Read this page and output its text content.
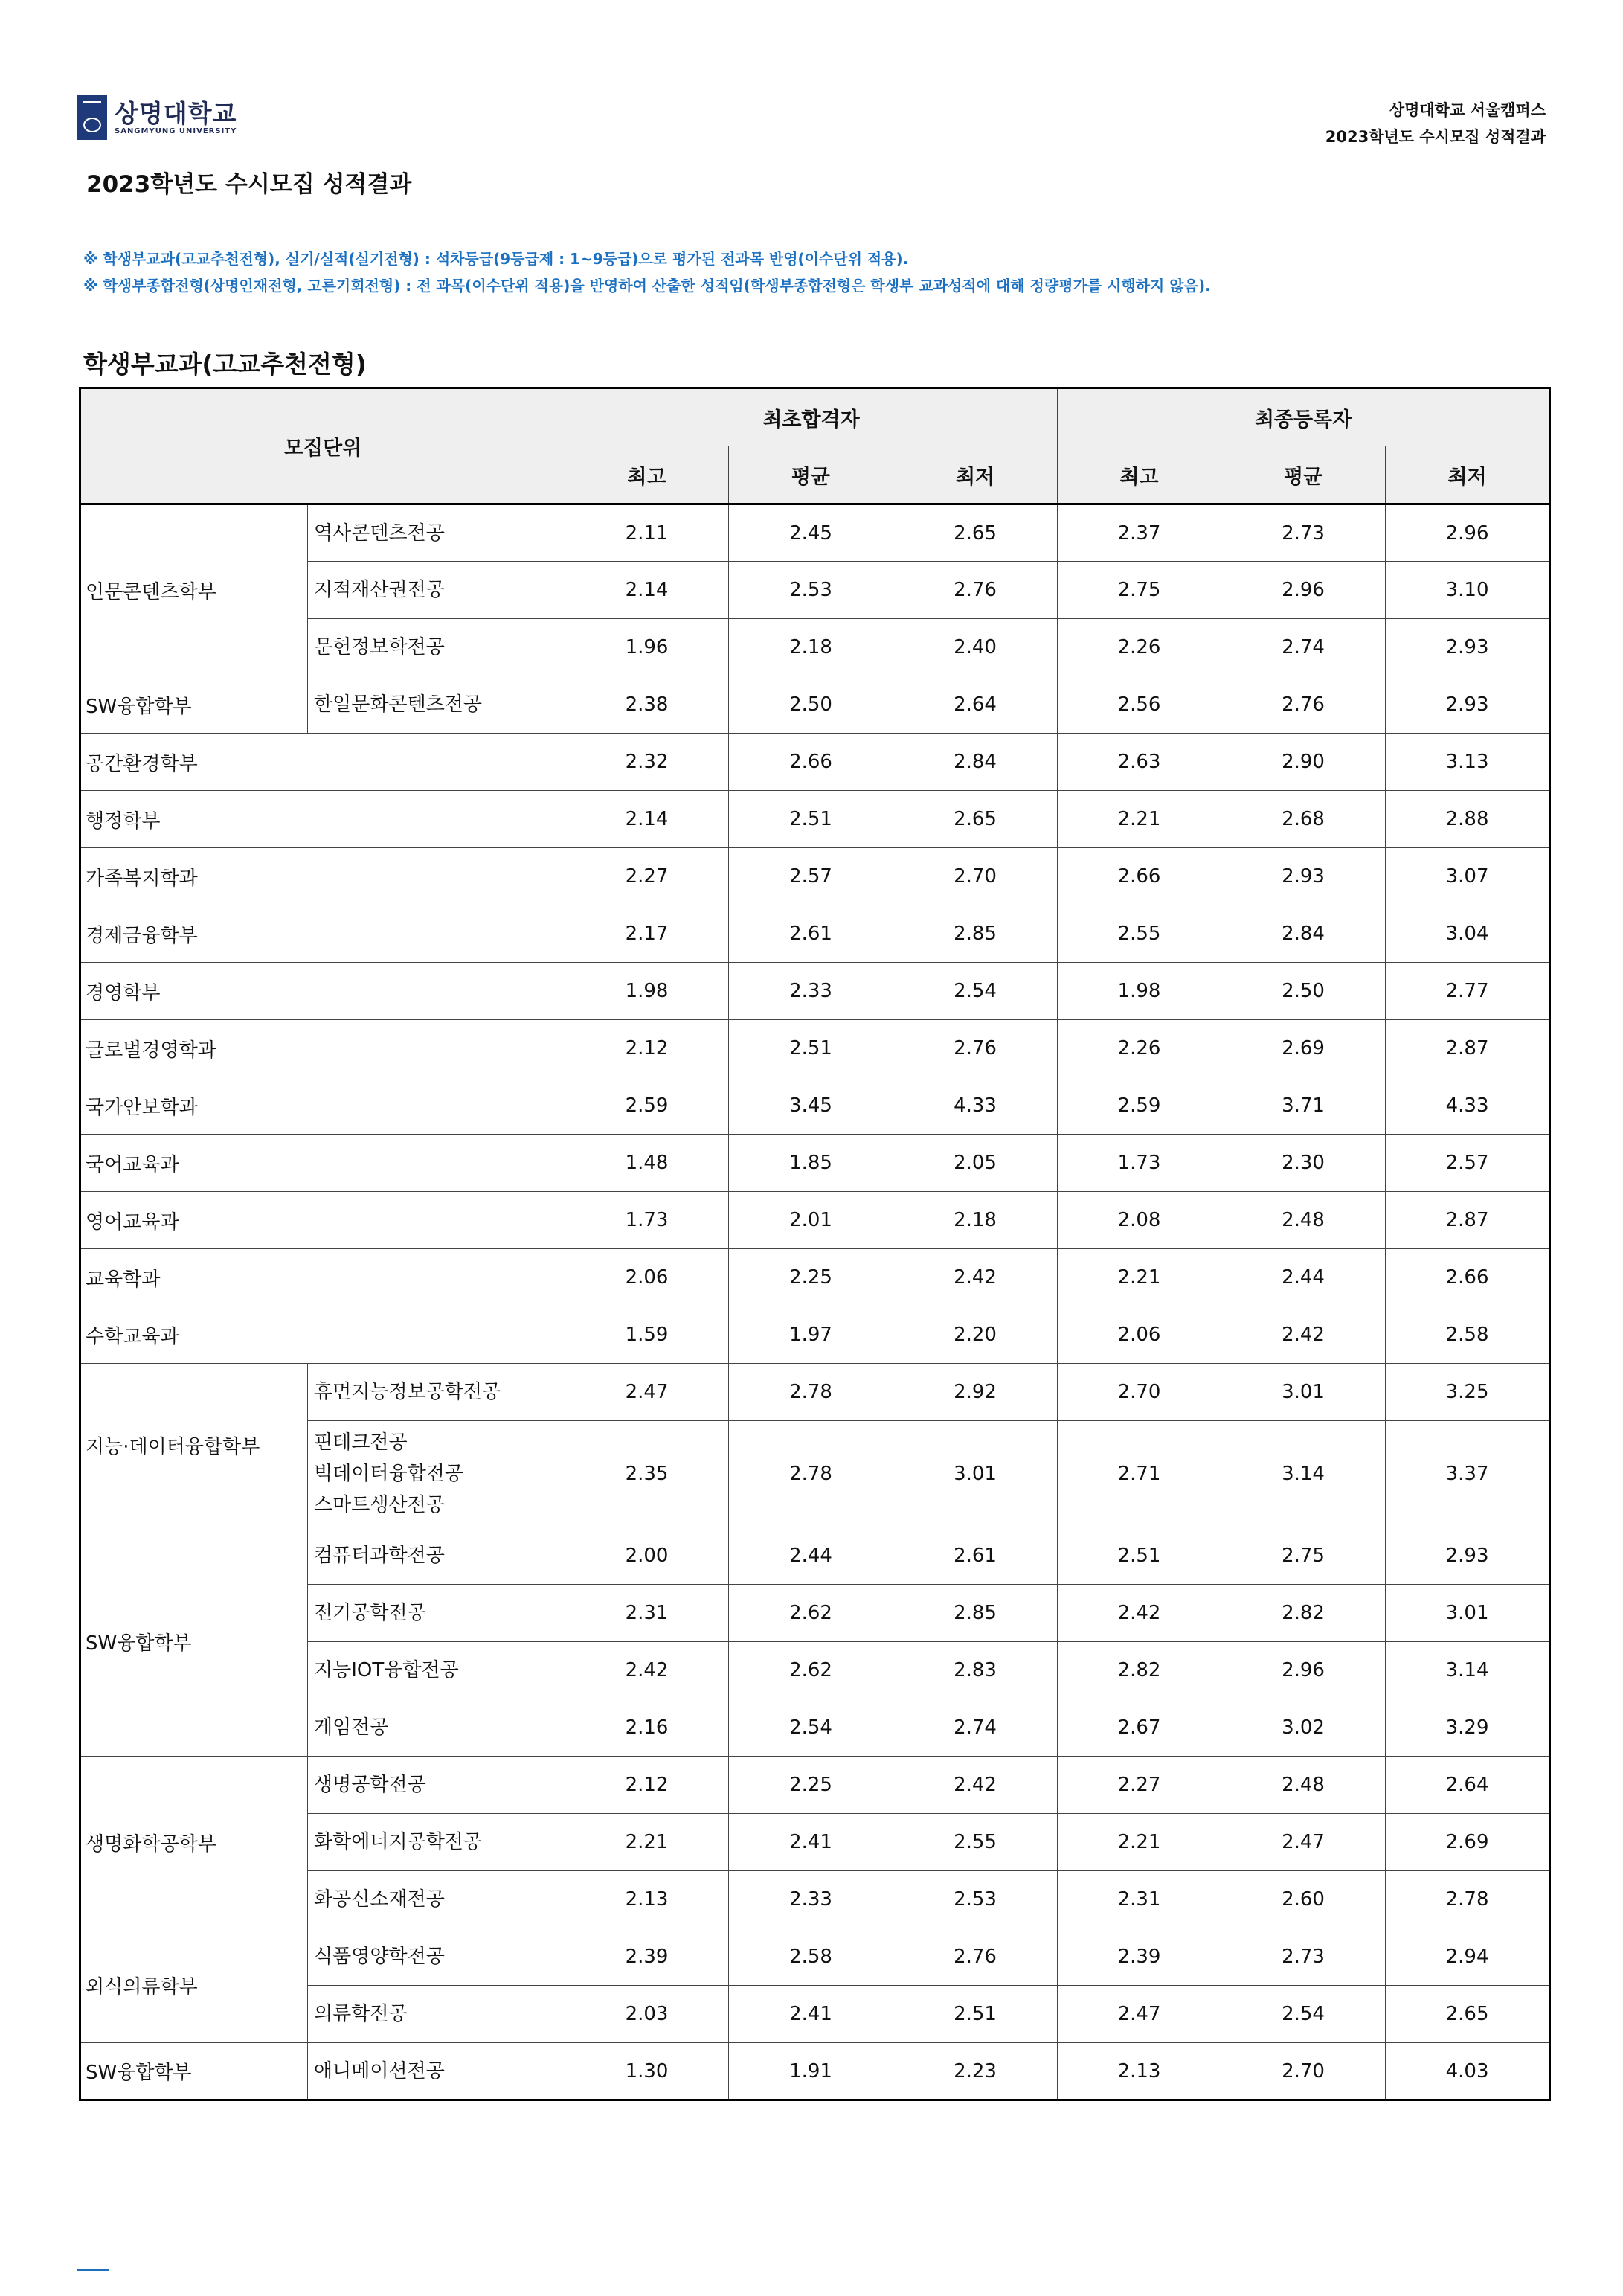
상명대학교
SANGMYUNG UNIVERSITY
상명대학교 서울캠퍼스
2023학년도 수시모집 성적결과
2023학년도 수시모집 성적결과
※ 학생부교과(고교추천전형), 실기/실적(실기전형) : 석차등급(9등급제 : 1~9등급)으로 평가된 전과목 반영(이수단위 적용).
※ 학생부종합전형(상명인재전형, 고른기회전형) : 전 과목(이수단위 적용)을 반영하여 산출한 성적임(학생부종합전형은 학생부 교과성적에 대해 정량평가를 시행하지 않음).
학생부교과(고교추천전형)
모집단위		최초합격자			최종등록자		
		최고	평균	최저	최고	평균	최저
인문콘텐츠학부	역사콘텐츠전공	2.11	2.45	2.65	2.37	2.73	2.96

	지적재산권전공	2.14	2.53	2.76	2.75	2.96	3.10

	문헌정보학전공	1.96	2.18	2.40	2.26	2.74	2.93
SW융합학부	한일문화콘텐츠전공	2.38	2.50	2.64	2.56	2.76	2.93
공간환경학부		2.32	2.66	2.84	2.63	2.90	3.13
행정학부		2.14	2.51	2.65	2.21	2.68	2.88
가족복지학과		2.27	2.57	2.70	2.66	2.93	3.07
경제금융학부		2.17	2.61	2.85	2.55	2.84	3.04
경영학부		1.98	2.33	2.54	1.98	2.50	2.77
글로벌경영학과		2.12	2.51	2.76	2.26	2.69	2.87
국가안보학과		2.59	3.45	4.33	2.59	3.71	4.33
국어교육과		1.48	1.85	2.05	1.73	2.30	2.57
영어교육과		1.73	2.01	2.18	2.08	2.48	2.87
교육학과		2.06	2.25	2.42	2.21	2.44	2.66
수학교육과		1.59	1.97	2.20	2.06	2.42	2.58
지능·데이터융합학부	휴먼지능정보공학전공	2.47	2.78	2.92	2.70	3.01	3.25

	핀테크전공
빅데이터융합전공
스마트생산전공	2.35	2.78	3.01	2.71	3.14	3.37
SW융합학부	컴퓨터과학전공	2.00	2.44	2.61	2.51	2.75	2.93

	전기공학전공	2.31	2.62	2.85	2.42	2.82	3.01

	지능IOT융합전공	2.42	2.62	2.83	2.82	2.96	3.14

	게임전공	2.16	2.54	2.74	2.67	3.02	3.29
생명화학공학부	생명공학전공	2.12	2.25	2.42	2.27	2.48	2.64

	화학에너지공학전공	2.21	2.41	2.55	2.21	2.47	2.69

	화공신소재전공	2.13	2.33	2.53	2.31	2.60	2.78
외식의류학부	식품영양학전공	2.39	2.58	2.76	2.39	2.73	2.94

	의류학전공	2.03	2.41	2.51	2.47	2.54	2.65
SW융합학부	애니메이션전공	1.30	1.91	2.23	2.13	2.70	4.03
